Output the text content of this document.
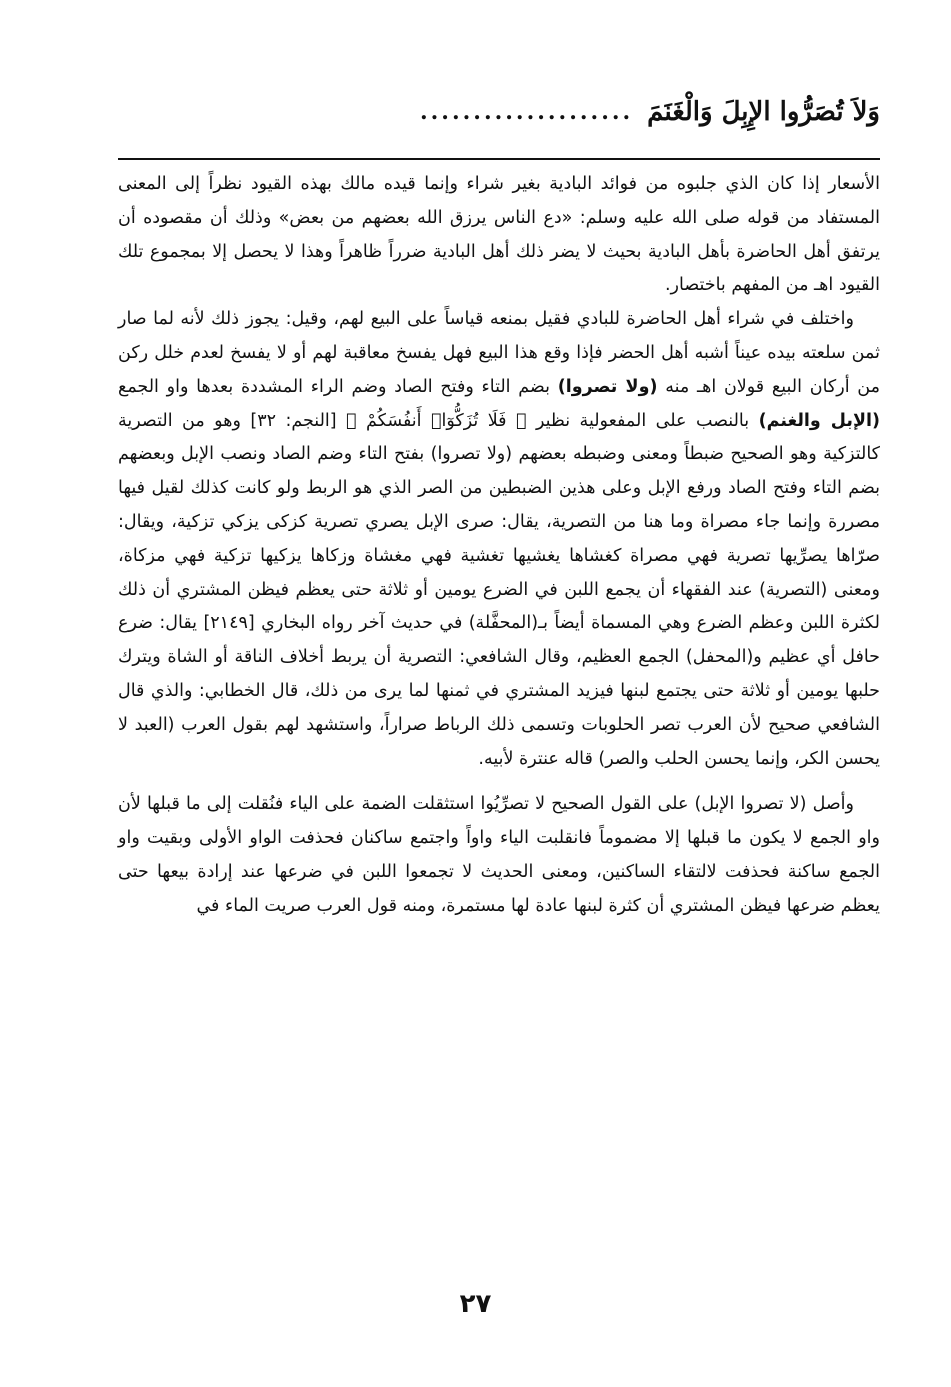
وَلاَ تُصَرُّوا الإِبِلَ وَالْغَنَمَ
....................

الأسعار إذا كان الذي جلبوه من فوائد البادية بغير شراء وإنما قيده مالك بهذه القيود نظراً إلى المعنى المستفاد من قوله صلى الله عليه وسلم: «دع الناس يرزق الله بعضهم من بعض» وذلك أن مقصوده أن يرتفق أهل الحاضرة بأهل البادية بحيث لا يضر ذلك أهل البادية ضرراً ظاهراً وهذا لا يحصل إلا بمجموع تلك القيود اهـ من المفهم باختصار.

واختلف في شراء أهل الحاضرة للبادي فقيل بمنعه قياساً على البيع لهم، وقيل: يجوز ذلك لأنه لما صار ثمن سلعته بيده عيناً أشبه أهل الحضر فإذا وقع هذا البيع فهل يفسخ معاقبة لهم أو لا يفسخ لعدم خلل ركن من أركان البيع قولان اهـ منه (ولا تصروا) بضم التاء وفتح الصاد وضم الراء المشددة بعدها واو الجمع (الإبل والغنم) بالنصب على المفعولية نظير ﴿ فَلَا تُزَكُّوٓا۟ أَنفُسَكُمْ ﴾ [النجم: ٣٢] وهو من التصرية كالتزكية وهو الصحيح ضبطاً ومعنى وضبطه بعضهم (ولا تصروا) بفتح التاء وضم الصاد ونصب الإبل وبعضهم بضم التاء وفتح الصاد ورفع الإبل وعلى هذين الضبطين من الصر الذي هو الربط ولو كانت كذلك لقيل فيها مصررة وإنما جاء مصراة وما هنا من التصرية، يقال: صرى الإبل يصري تصرية كزكى يزكي تزكية، ويقال: صرّاها يصرِّيها تصرية فهي مصراة كغشاها يغشيها تغشية فهي مغشاة وزكاها يزكيها تزكية فهي مزكاة، ومعنى (التصرية) عند الفقهاء أن يجمع اللبن في الضرع يومين أو ثلاثة حتى يعظم فيظن المشتري أن ذلك لكثرة اللبن وعظم الضرع وهي المسماة أيضاً بـ(المحفَّلة) في حديث آخر رواه البخاري [٢١٤٩] يقال: ضرع حافل أي عظيم و(المحفل) الجمع العظيم، وقال الشافعي: التصرية أن يربط أخلاف الناقة أو الشاة ويترك حلبها يومين أو ثلاثة حتى يجتمع لبنها فيزيد المشتري في ثمنها لما يرى من ذلك، قال الخطابي: والذي قال الشافعي صحيح لأن العرب تصر الحلوبات وتسمى ذلك الرباط صراراً، واستشهد لهم بقول العرب (العبد لا يحسن الكر، وإنما يحسن الحلب والصر) قاله عنترة لأبيه.

وأصل (لا تصروا الإبل) على القول الصحيح لا تصرِّيُوا استثقلت الضمة على الياء فنُقلت إلى ما قبلها لأن واو الجمع لا يكون ما قبلها إلا مضموماً فانقلبت الياء واواً واجتمع ساكنان فحذفت الواو الأولى وبقيت واو الجمع ساكنة فحذفت لالتقاء الساكنين، ومعنى الحديث لا تجمعوا اللبن في ضرعها عند إرادة بيعها حتى يعظم ضرعها فيظن المشتري أن كثرة لبنها عادة لها مستمرة، ومنه قول العرب صريت الماء في

٢٧
